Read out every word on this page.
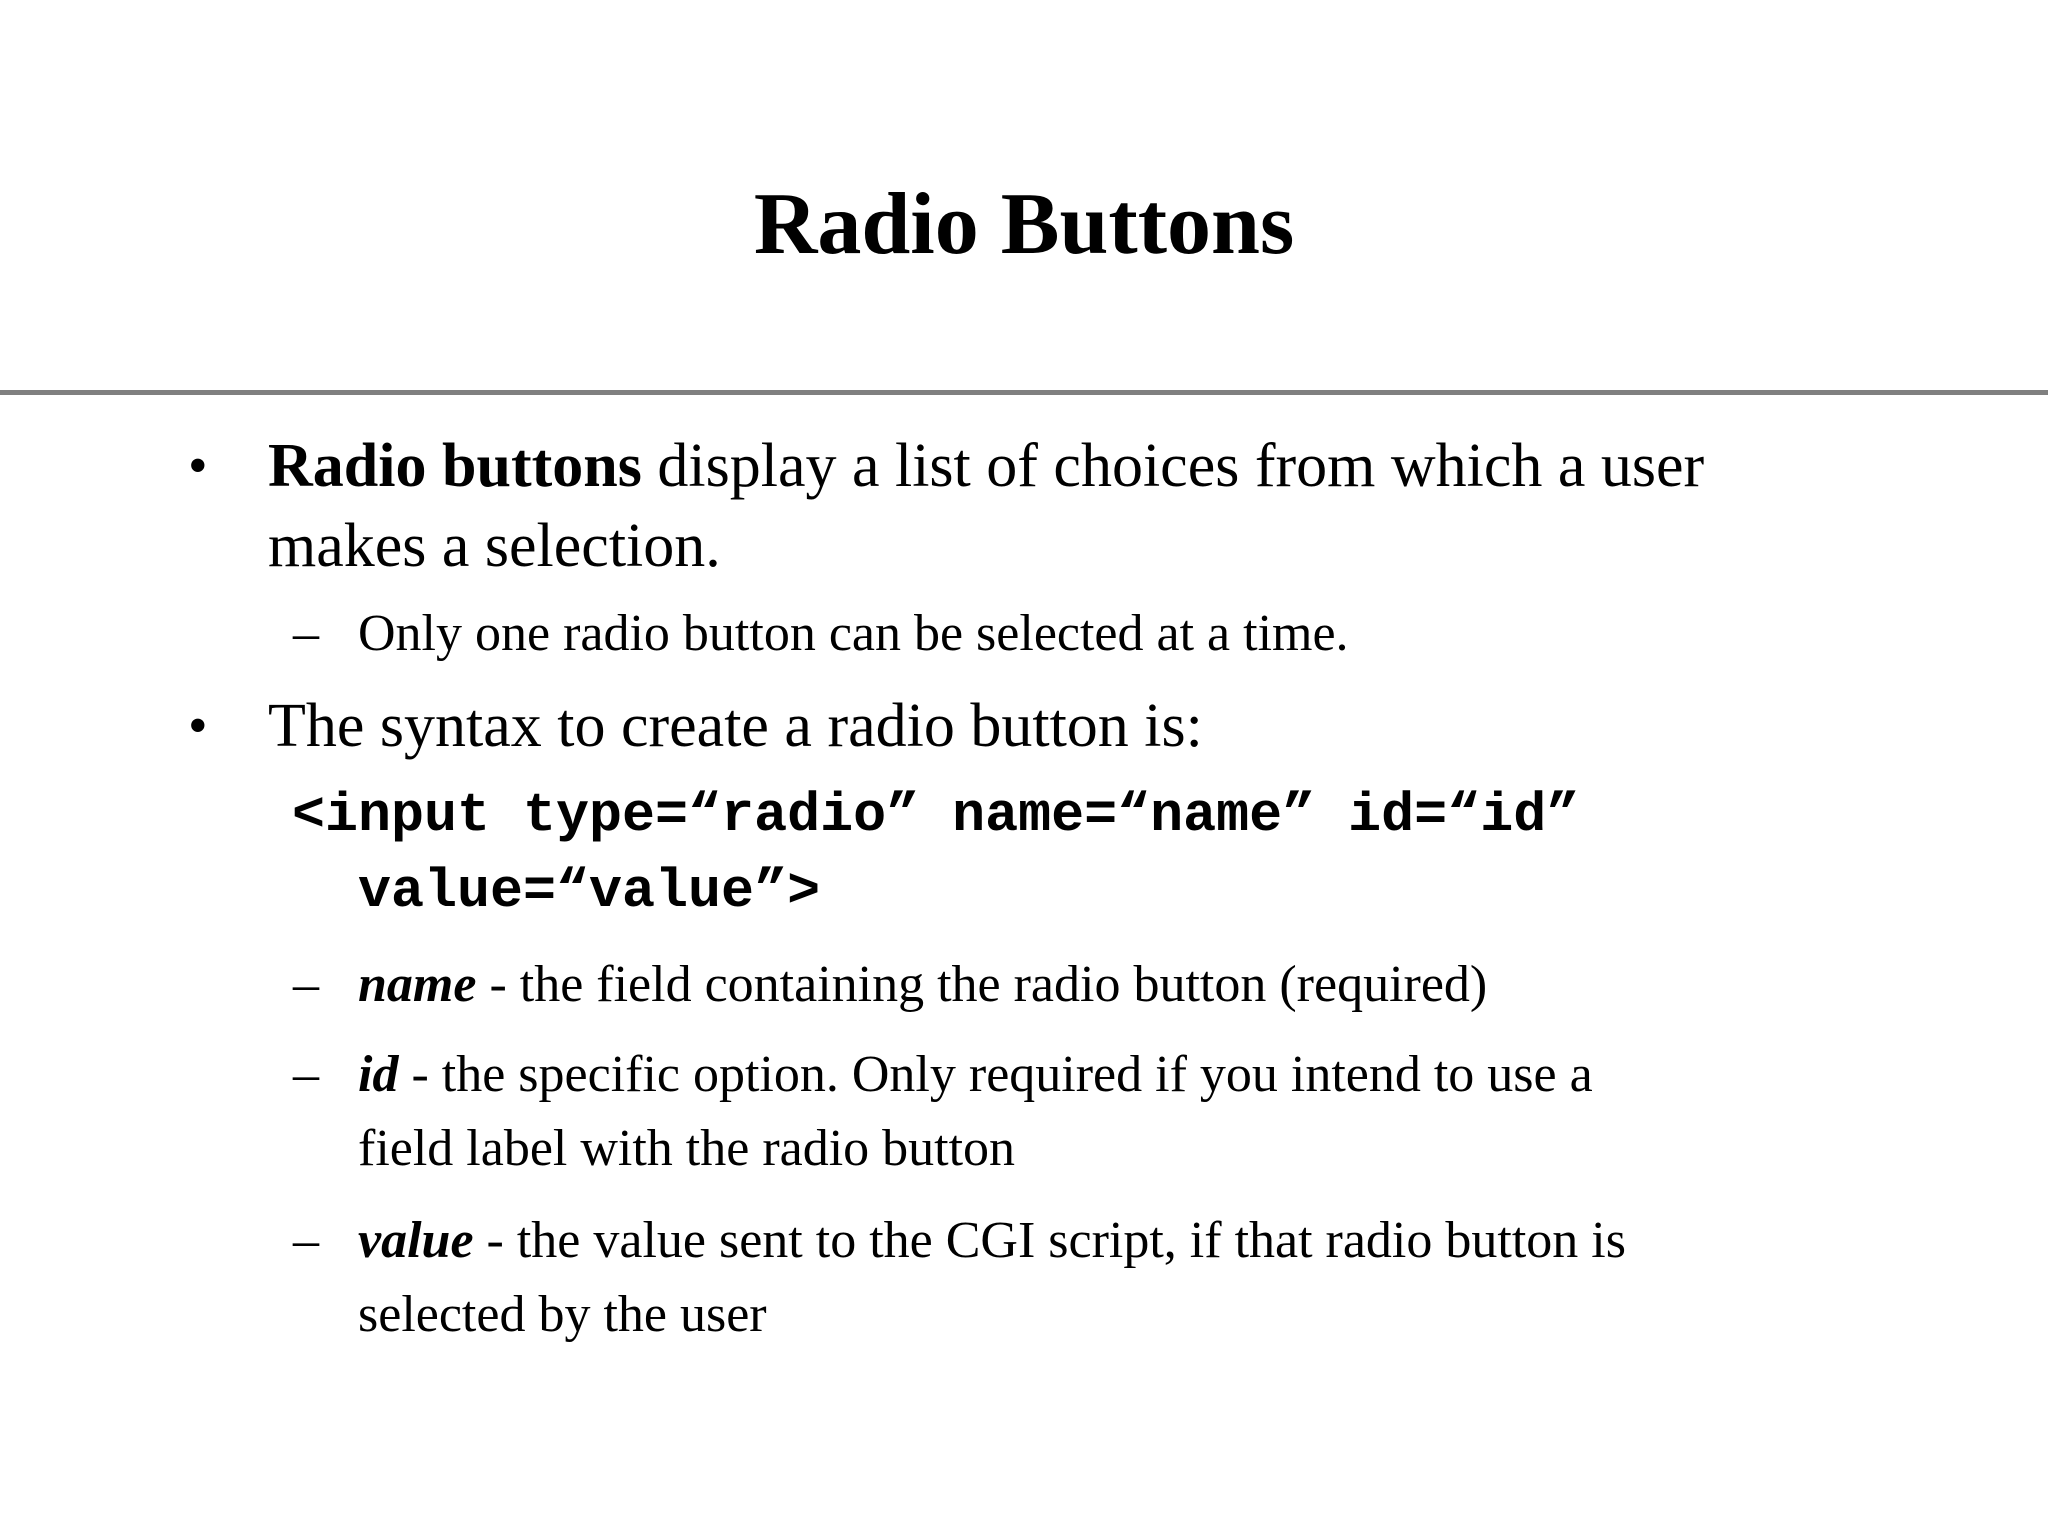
Radio Buttons
• Radio buttons display a list of choices from which a user
makes a selection.
– Only one radio button can be selected at a time.
• The syntax to create a radio button is:
<input type=“radio” name=“name” id=“id”
value=“value”>
– name - the field containing the radio button (required)
– id - the specific option. Only required if you intend to use a
field label with the radio button
– value - the value sent to the CGI script, if that radio button is
selected by the user
